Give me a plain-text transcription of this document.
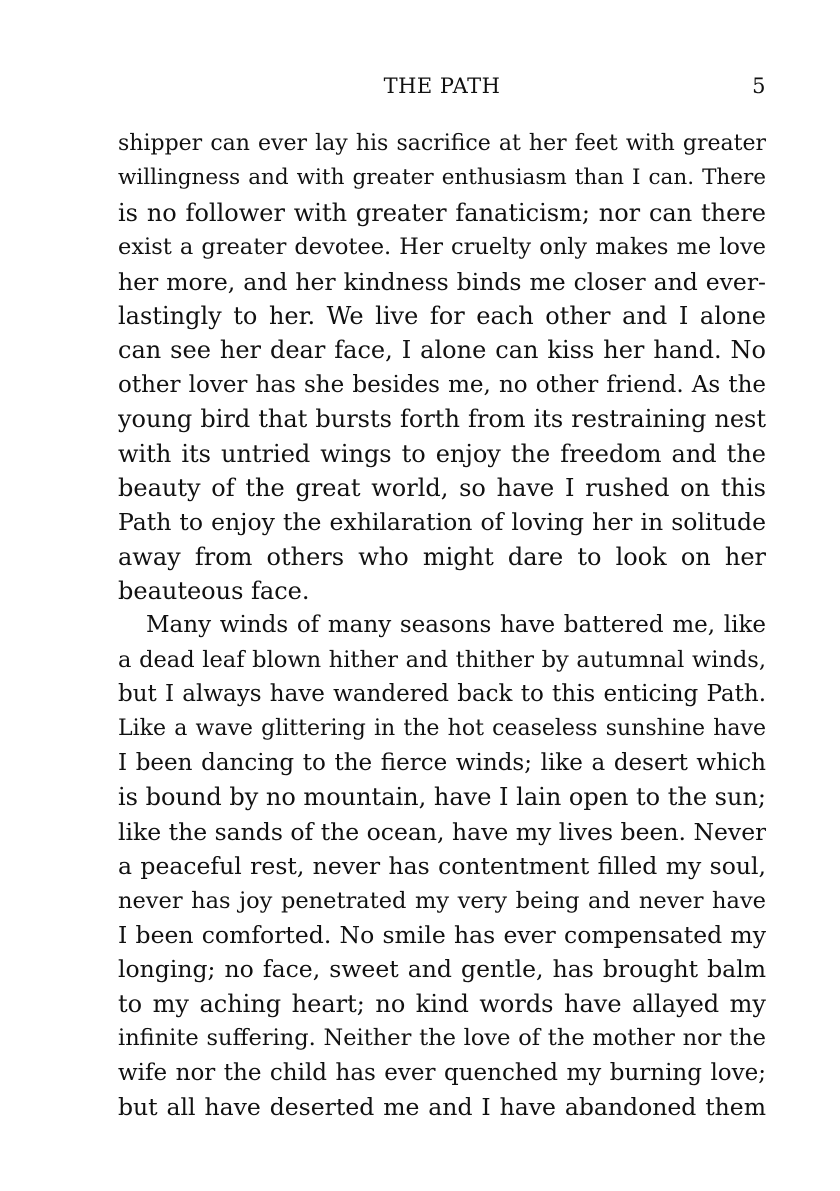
THE PATH	5
shipper can ever lay his sacrifice at her feet with greater
willingness and with greater enthusiasm than I can. There
is no follower with greater fanaticism; nor can there
exist a greater devotee. Her cruelty only makes me love
her more, and her kindness binds me closer and ever-
lastingly to her. We live for each other and I alone
can see her dear face, I alone can kiss her hand. No
other lover has she besides me, no other friend. As the
young bird that bursts forth from its restraining nest
with its untried wings to enjoy the freedom and the
beauty of the great world, so have I rushed on this
Path to enjoy the exhilaration of loving her in solitude
away from others who might dare to look on her
beauteous face.
Many winds of many seasons have battered me, like
a dead leaf blown hither and thither by autumnal winds,
but I always have wandered back to this enticing Path.
Like a wave glittering in the hot ceaseless sunshine have
I been dancing to the fierce winds; like a desert which
is bound by no mountain, have I lain open to the sun;
like the sands of the ocean, have my lives been. Never
a peaceful rest, never has contentment filled my soul,
never has joy penetrated my very being and never have
I been comforted. No smile has ever compensated my
longing; no face, sweet and gentle, has brought balm
to my aching heart; no kind words have allayed my
infinite suffering. Neither the love of the mother nor the
wife nor the child has ever quenched my burning love;
but all have deserted me and I have abandoned them
